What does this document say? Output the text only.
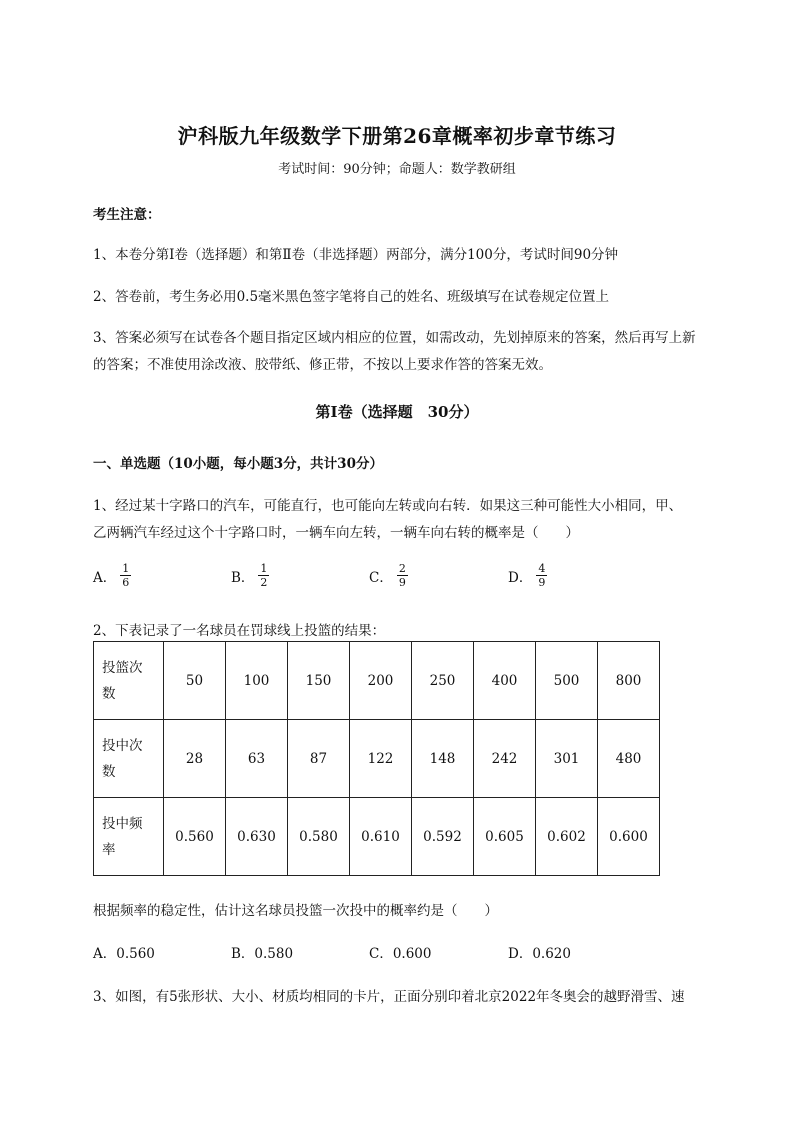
沪科版九年级数学下册第26章概率初步章节练习
考试时间：90分钟；命题人：数学教研组
考生注意：
1、本卷分第I卷（选择题）和第Ⅱ卷（非选择题）两部分，满分100分，考试时间90分钟
2、答卷前，考生务必用0.5毫米黑色签字笔将自己的姓名、班级填写在试卷规定位置上
3、答案必须写在试卷各个题目指定区域内相应的位置，如需改动，先划掉原来的答案，然后再写上新
的答案；不准使用涂改液、胶带纸、修正带，不按以上要求作答的答案无效。
第I卷（选择题　30分）
一、单选题（10小题，每小题3分，共计30分）
1、经过某十字路口的汽车，可能直行，也可能向左转或向右转．如果这三种可能性大小相同，甲、
乙两辆汽车经过这个十字路口时，一辆车向左转，一辆车向右转的概率是（　　）
A． $\frac{1}{6}$	B． $\frac{1}{2}$	C． $\frac{2}{9}$	D． $\frac{4}{9}$
2、下表记录了一名球员在罚球线上投篮的结果：
投篮次
数	50	100	150	200	250	400	500	800
投中次
数	28	63	87	122	148	242	301	480
投中频
率	0.560	0.630	0.580	0.610	0.592	0.605	0.602	0.600
根据频率的稳定性，估计这名球员投篮一次投中的概率约是（　　）
A．0.560	B．0.580	C．0.600	D．0.620
3、如图，有5张形状、大小、材质均相同的卡片，正面分别印着北京2022年冬奥会的越野滑雪、速
